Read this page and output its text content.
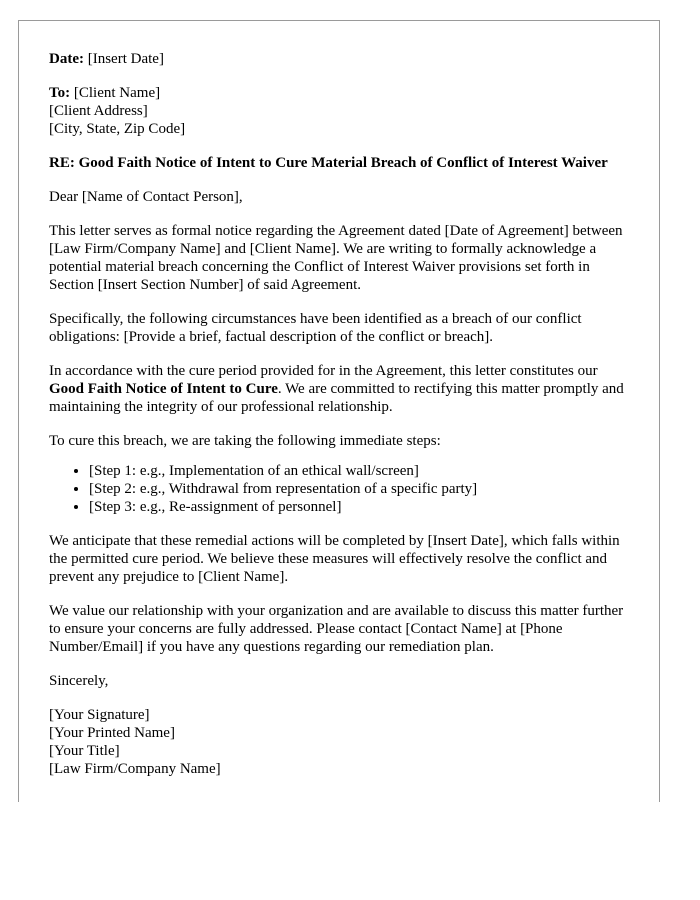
Date: [Insert Date]

To: [Client Name]
[Client Address]
[City, State, Zip Code]

RE: Good Faith Notice of Intent to Cure Material Breach of Conflict of Interest Waiver

Dear [Name of Contact Person],

This letter serves as formal notice regarding the Agreement dated [Date of Agreement] between [Law Firm/Company Name] and [Client Name]. We are writing to formally acknowledge a potential material breach concerning the Conflict of Interest Waiver provisions set forth in Section [Insert Section Number] of said Agreement.

Specifically, the following circumstances have been identified as a breach of our conflict obligations: [Provide a brief, factual description of the conflict or breach].

In accordance with the cure period provided for in the Agreement, this letter constitutes our Good Faith Notice of Intent to Cure. We are committed to rectifying this matter promptly and maintaining the integrity of our professional relationship.

To cure this breach, we are taking the following immediate steps:

• [Step 1: e.g., Implementation of an ethical wall/screen]
• [Step 2: e.g., Withdrawal from representation of a specific party]
• [Step 3: e.g., Re-assignment of personnel]

We anticipate that these remedial actions will be completed by [Insert Date], which falls within the permitted cure period. We believe these measures will effectively resolve the conflict and prevent any prejudice to [Client Name].

We value our relationship with your organization and are available to discuss this matter further to ensure your concerns are fully addressed. Please contact [Contact Name] at [Phone Number/Email] if you have any questions regarding our remediation plan.

Sincerely,

[Your Signature]
[Your Printed Name]
[Your Title]
[Law Firm/Company Name]
